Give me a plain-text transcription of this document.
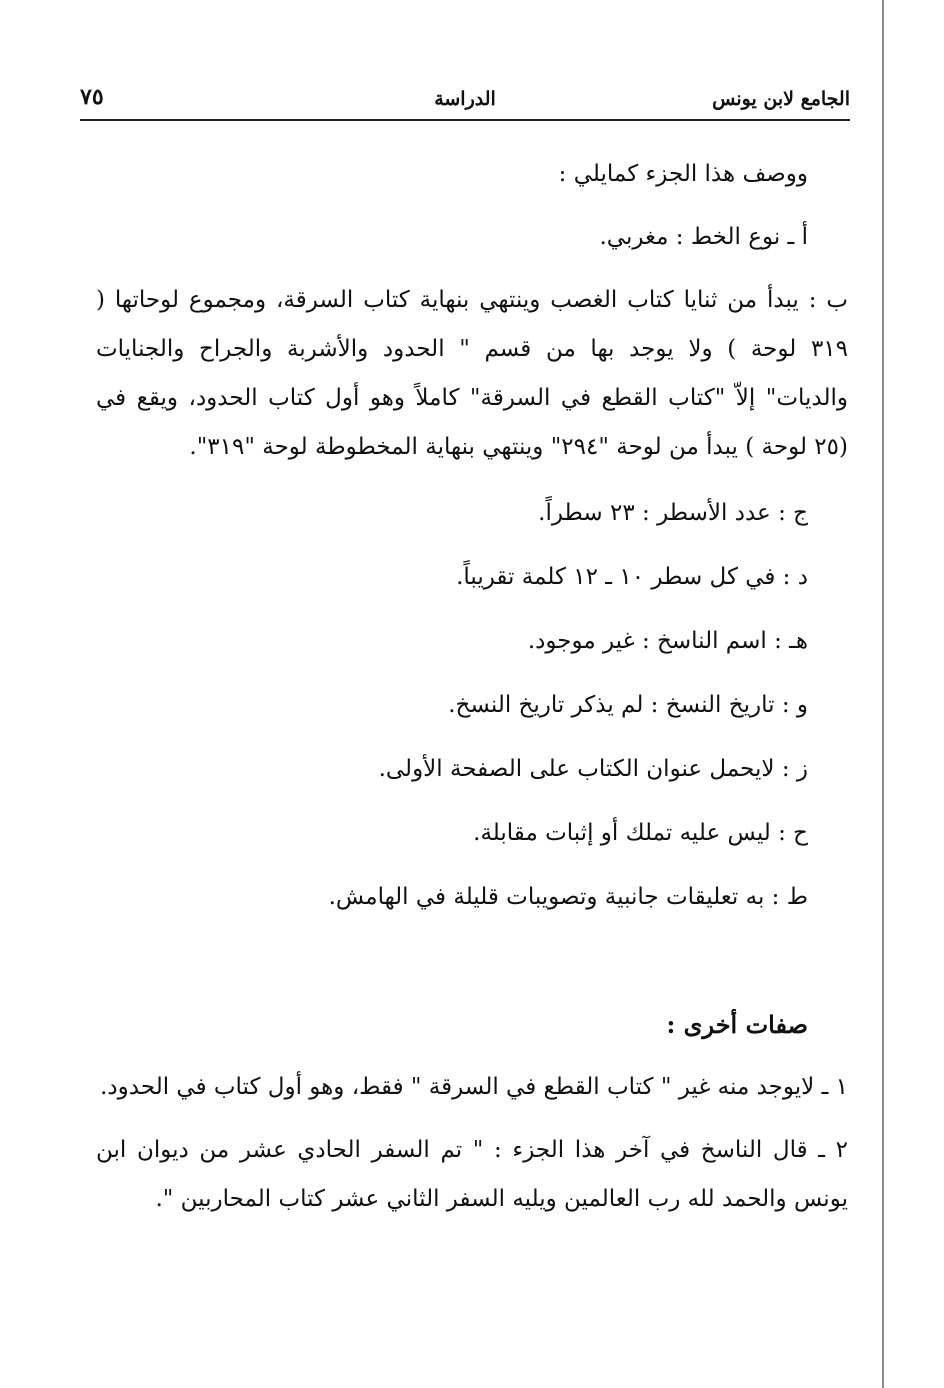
الجامع لابن يونس
الدراسة
٧٥

ووصف هذا الجزء كمايلي :

أ ـ نوع الخط : مغربي.

ب : يبدأ من ثنايا كتاب الغصب وينتهي بنهاية كتاب السرقة، ومجموع لوحاتها ( ٣١٩ لوحة ) ولا يوجد بها من قسم " الحدود والأشربة والجراح والجنايات والديات" إلاّ "كتاب القطع في السرقة" كاملاً وهو أول كتاب الحدود، ويقع في (٢٥ لوحة ) يبدأ من لوحة "٢٩٤" وينتهي بنهاية المخطوطة لوحة "٣١٩".

ج : عدد الأسطر : ٢٣ سطراً.

د : في كل سطر ١٠ ـ ١٢ كلمة تقريباً.

هـ : اسم الناسخ : غير موجود.

و : تاريخ النسخ : لم يذكر تاريخ النسخ.

ز : لايحمل عنوان الكتاب على الصفحة الأولى.

ح : ليس عليه تملك أو إثبات مقابلة.

ط : به تعليقات جانبية وتصويبات قليلة في الهامش.

صفات أخرى :

١ ـ لايوجد منه غير " كتاب القطع في السرقة " فقط، وهو أول كتاب في الحدود.

٢ ـ قال الناسخ في آخر هذا الجزء : " تم السفر الحادي عشر من ديوان ابن يونس والحمد لله رب العالمين ويليه السفر الثاني عشر كتاب المحاربين ".
